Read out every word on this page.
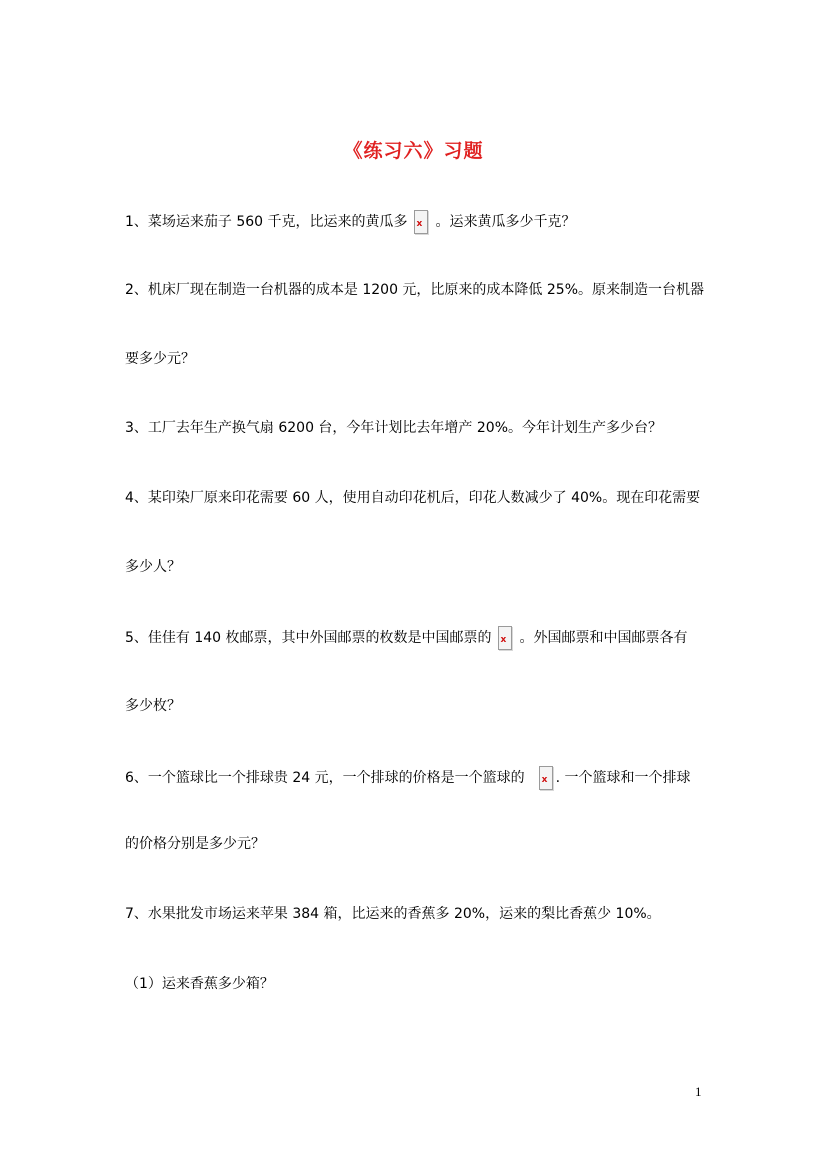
《练习六》习题
1、菜场运来茄子 560 千克，比运来的黄瓜多 x 。运来黄瓜多少千克？
2、机床厂现在制造一台机器的成本是 1200 元，比原来的成本降低 25%。原来制造一台机器
要多少元？
3、工厂去年生产换气扇 6200 台，今年计划比去年增产 20%。今年计划生产多少台？
4、某印染厂原来印花需要 60 人，使用自动印花机后，印花人数减少了 40%。现在印花需要
多少人？
5、佳佳有 140 枚邮票，其中外国邮票的枚数是中国邮票的 x 。外国邮票和中国邮票各有
多少枚？
6、一个篮球比一个排球贵 24 元，一个排球的价格是一个篮球的 x . 一个篮球和一个排球
的价格分别是多少元？
7、水果批发市场运来苹果 384 箱，比运来的香蕉多 20%，运来的梨比香蕉少 10%。
（1）运来香蕉多少箱？
1
